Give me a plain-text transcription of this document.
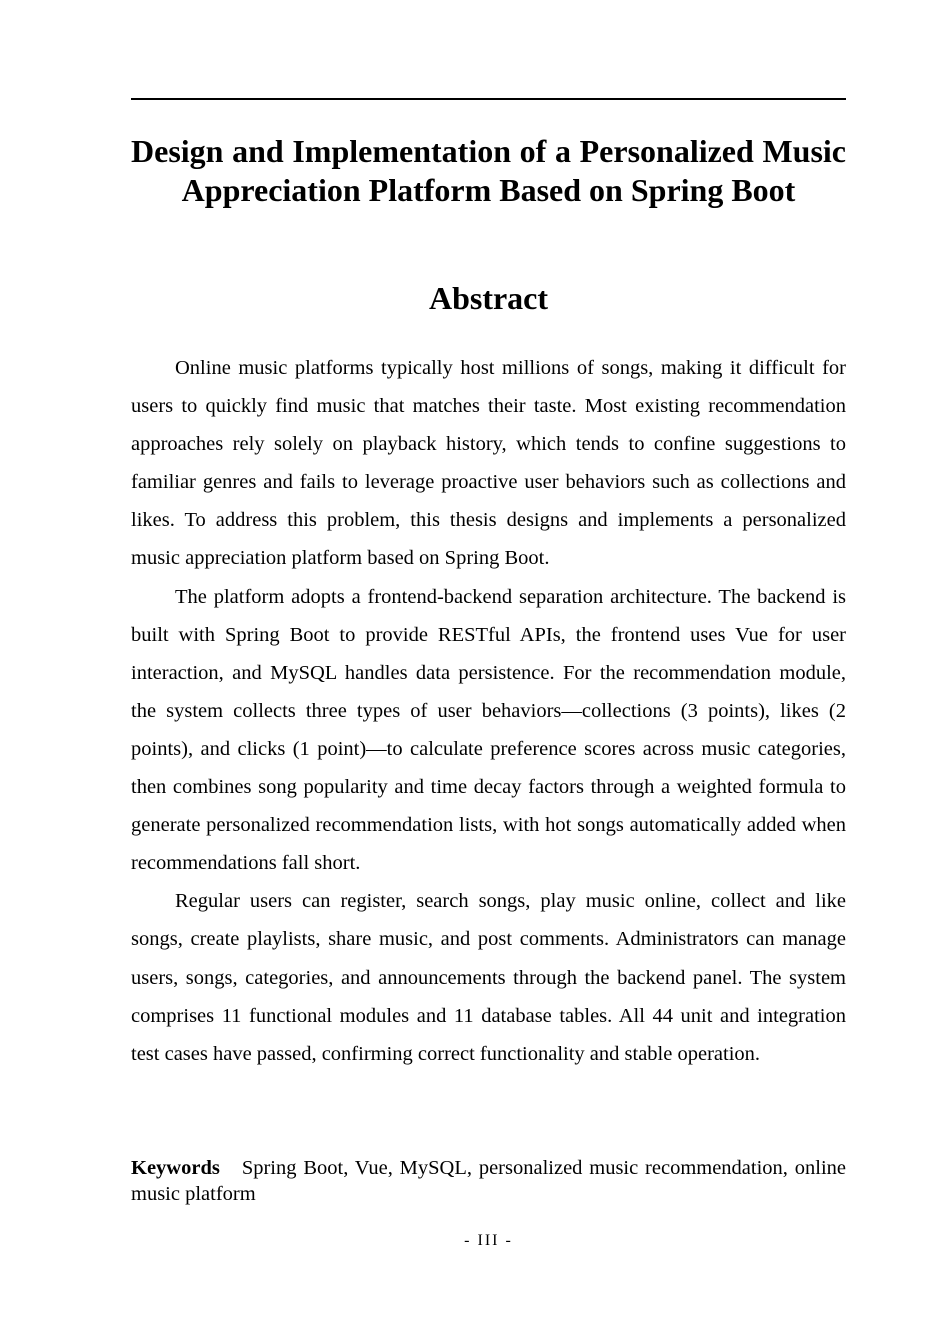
Design and Implementation of a Personalized Music Appreciation Platform Based on Spring Boot
Abstract

Online music platforms typically host millions of songs, making it difficult for users to quickly find music that matches their taste. Most existing recommendation approaches rely solely on playback history, which tends to confine suggestions to familiar genres and fails to leverage proactive user behaviors such as collections and likes. To address this problem, this thesis designs and implements a personalized music appreciation platform based on Spring Boot.

The platform adopts a frontend-backend separation architecture. The backend is built with Spring Boot to provide RESTful APIs, the frontend uses Vue for user interaction, and MySQL handles data persistence. For the recommendation module, the system collects three types of user behaviors—collections (3 points), likes (2 points), and clicks (1 point)—to calculate preference scores across music categories, then combines song popularity and time decay factors through a weighted formula to generate personalized recommendation lists, with hot songs automatically added when recommendations fall short.

Regular users can register, search songs, play music online, collect and like songs, create playlists, share music, and post comments. Administrators can manage users, songs, categories, and announcements through the backend panel. The system comprises 11 functional modules and 11 database tables. All 44 unit and integration test cases have passed, confirming correct functionality and stable operation.

Keywords Spring Boot, Vue, MySQL, personalized music recommendation, online music platform

- III -
